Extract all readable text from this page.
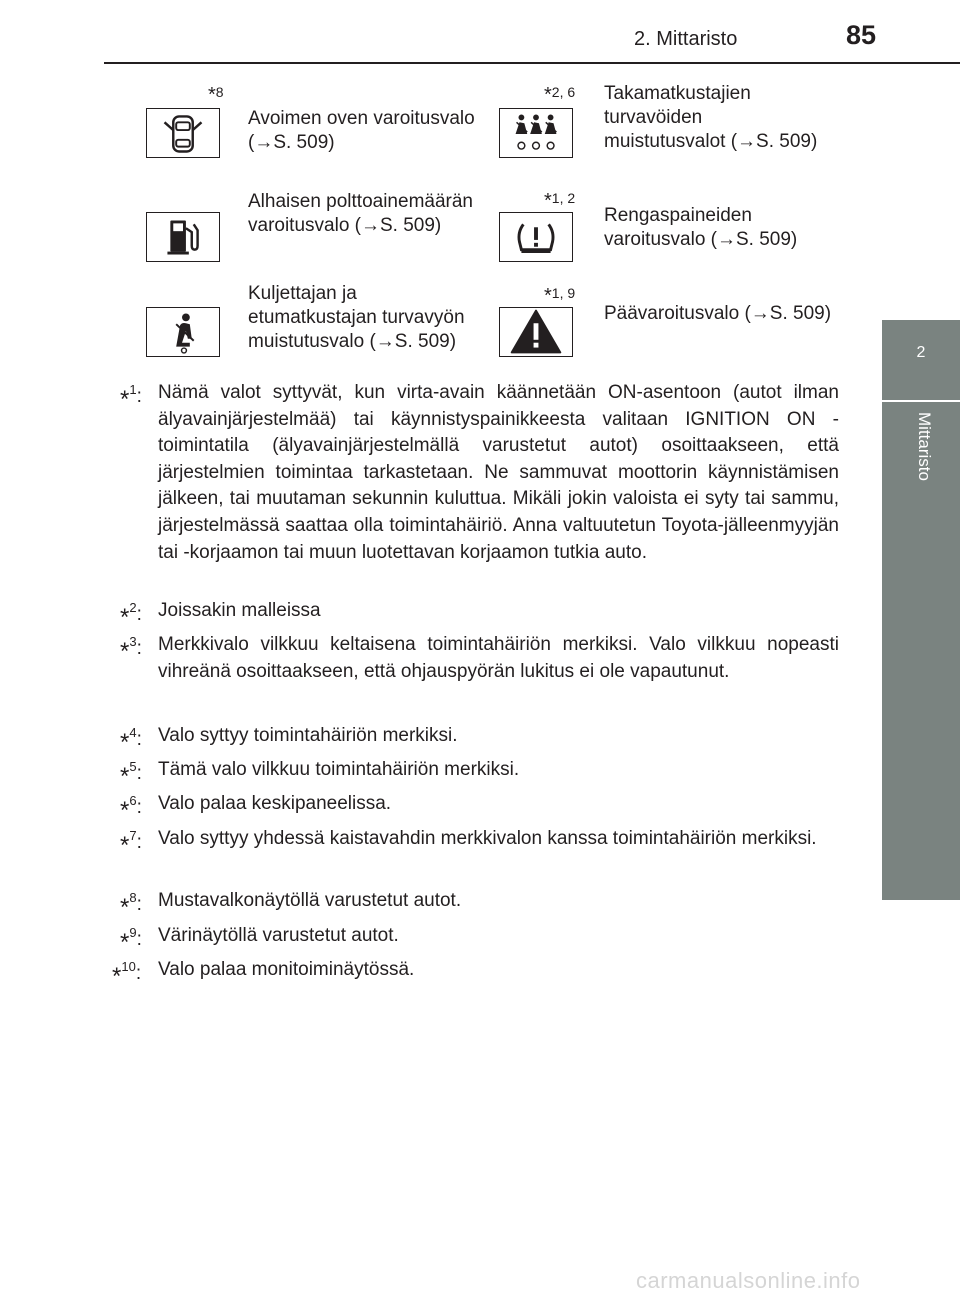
2. Mittaristo	85
2
Mittaristo
*8
Avoimen oven varoitusvalo (→S. 509)
*2, 6 Takamatkustajien turvavöiden muistutusvalot (→S. 509)
Alhaisen polttoainemäärän varoitusvalo (→S. 509)
*1, 2
Rengaspaineiden varoitusvalo (→S. 509)
Kuljettajan ja etumatkustajan turvavyön muistutusvalo (→S. 509)
*1, 9
Päävaroitusvalo (→S. 509)
*$^1$: Nämä valot syttyvät, kun virta-avain käännetään ON-asentoon (autot ilman älyavainjärjestelmää) tai käynnistyspainikkeesta valitaan IGNITION ON -toimintatila (älyavainjärjestelmällä varustetut autot) osoittaakseen, että järjestelmien toimintaa tarkastetaan. Ne sammuvat moottorin käynnistämisen jälkeen, tai muutaman sekunnin kuluttua. Mikäli jokin valoista ei syty tai sammu, järjestelmässä saattaa olla toimintahäiriö. Anna valtuutetun Toyota-jälleenmyyjän tai -korjaamon tai muun luotettavan korjaamon tutkia auto.
*$^2$: Joissakin malleissa
*$^3$: Merkkivalo vilkkuu keltaisena toimintahäiriön merkiksi. Valo vilkkuu nopeasti vihreänä osoittaakseen, että ohjauspyörän lukitus ei ole vapautunut.
*$^4$: Valo syttyy toimintahäiriön merkiksi.
*$^5$: Tämä valo vilkkuu toimintahäiriön merkiksi.
*$^6$: Valo palaa keskipaneelissa.
*$^7$: Valo syttyy yhdessä kaistavahdin merkkivalon kanssa toimintahäiriön merkiksi.
*$^8$: Mustavalkonäytöllä varustetut autot.
*$^9$: Värinäytöllä varustetut autot.
*$^{10}$: Valo palaa monitoiminäytössä.
carmanualsonline.info
